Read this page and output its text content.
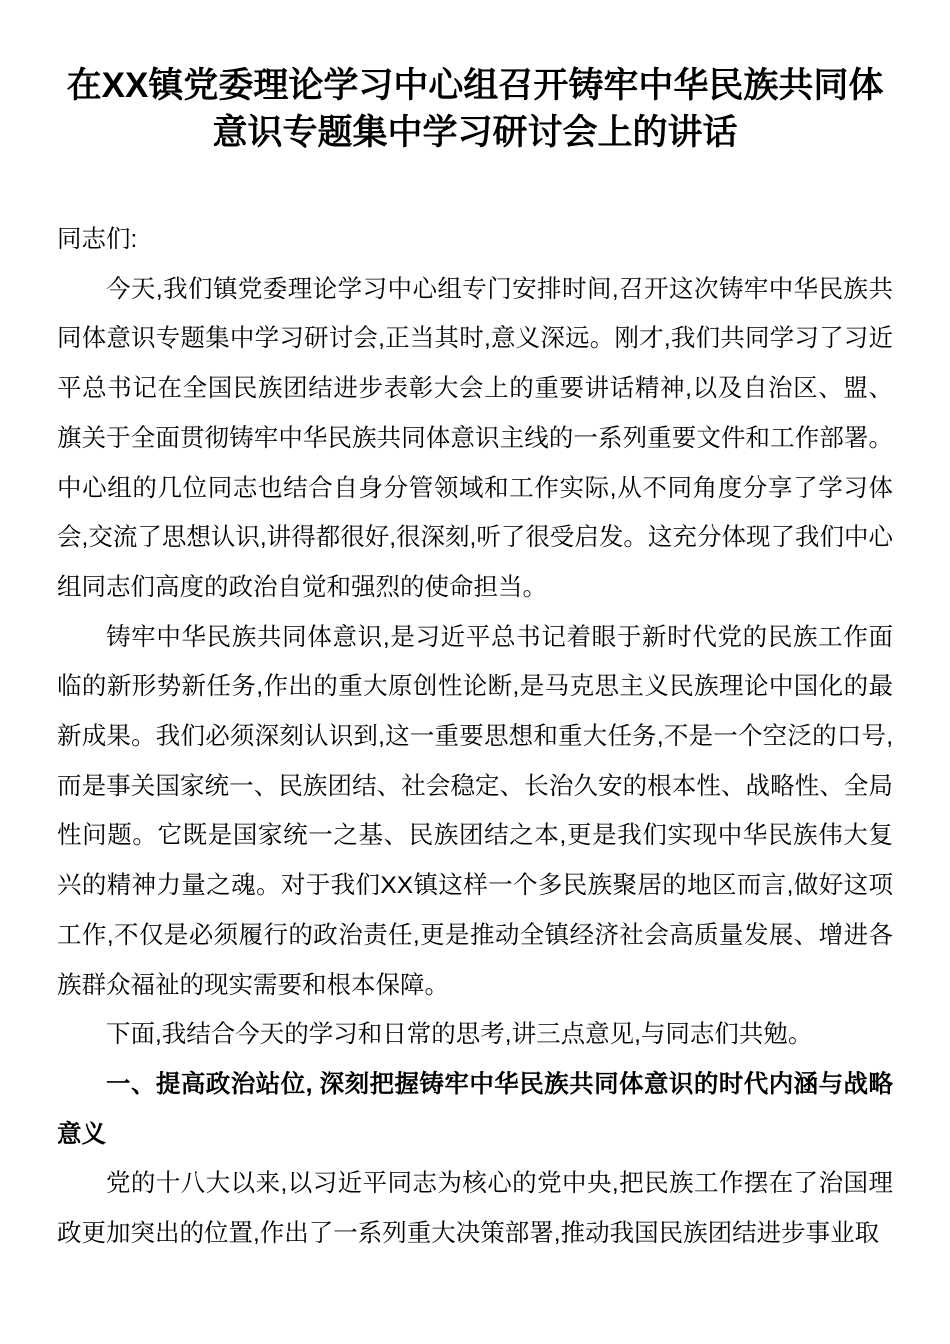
在XX镇党委理论学习中心组召开铸牢中华民族共同体意识专题集中学习研讨会上的讲话

同志们:

今天,我们镇党委理论学习中心组专门安排时间,召开这次铸牢中华民族共同体意识专题集中学习研讨会,正当其时,意义深远。刚才,我们共同学习了习近平总书记在全国民族团结进步表彰大会上的重要讲话精神,以及自治区、盟、旗关于全面贯彻铸牢中华民族共同体意识主线的一系列重要文件和工作部署。中心组的几位同志也结合自身分管领域和工作实际,从不同角度分享了学习体会,交流了思想认识,讲得都很好,很深刻,听了很受启发。这充分体现了我们中心组同志们高度的政治自觉和强烈的使命担当。

铸牢中华民族共同体意识,是习近平总书记着眼于新时代党的民族工作面临的新形势新任务,作出的重大原创性论断,是马克思主义民族理论中国化的最新成果。我们必须深刻认识到,这一重要思想和重大任务,不是一个空泛的口号,而是事关国家统一、民族团结、社会稳定、长治久安的根本性、战略性、全局性问题。它既是国家统一之基、民族团结之本,更是我们实现中华民族伟大复兴的精神力量之魂。对于我们XX镇这样一个多民族聚居的地区而言,做好这项工作,不仅是必须履行的政治责任,更是推动全镇经济社会高质量发展、增进各族群众福祉的现实需要和根本保障。

下面,我结合今天的学习和日常的思考,讲三点意见,与同志们共勉。

一、提高政治站位, 深刻把握铸牢中华民族共同体意识的时代内涵与战略意义

党的十八大以来,以习近平同志为核心的党中央,把民族工作摆在了治国理政更加突出的位置,作出了一系列重大决策部署,推动我国民族团结进步事业取
